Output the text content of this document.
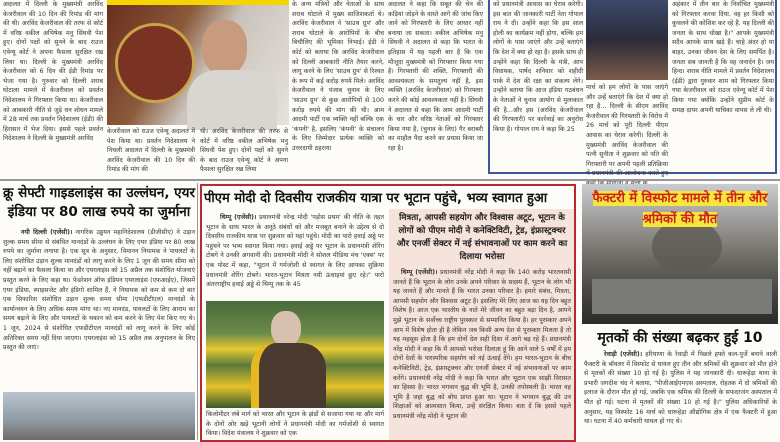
अदालत में दिल्ली के मुख्यमंत्री अरविंद केजरीवाल की 10 दिन की रिमांड की मांग की थी। अरविंद केजरीवाल की तरफ से कोर्ट में वरिष्ठ वकील अभिषेक मनु सिंघवी पेश हुए। दोनों पक्षों को सुनने के बाद राउज एवेन्यू कोर्ट ने अपना फैसला सुरक्षित रख लिया था। दिल्ली के मुख्यमंत्री अरविंद केजरीवाल को 6 दिन की ईडी रिमांड पर भेजा गया है। गुरुवार को दिल्ली शराब घोटाला मामले में केजरीवाल को प्रवर्तन निदेशालय ने गिरफ्तार किया था। केजरीवाल को आबकारी नीति से जुड़े धन शोधन मामले में 28 मार्च तक प्रवर्तन निदेशालय (ईडी) की हिरासत में भेज दिया। इससे पहले प्रवर्तन निदेशालय ने दिल्ली के मुख्यमंत्री अरविंद
केजरीवाल को राउज एवेन्यू अदालत में पेश किया था। प्रवर्तन निदेशालय ने निचली अदालत में दिल्ली के मुख्यमंत्री अरविंद केजरीवाल की 10 दिन की रिमांड की मांग की
थी। अरविंद केजरीवाल की तरफ से कोर्ट में वरिष्ठ वकील अभिषेक मनु सिंघवी पेश हुए। दोनों पक्षों को सुनने के बाद राउज एवेन्यू कोर्ट ने अपना फैसला सुरक्षित रख लिया
के अन्य मंत्रियों और नेताओं के साथ शराब घोटाले में मुख्य साजिशकर्ता थे। अरविंद केजरीवाल ने 'साउथ ग्रुप' और शराब घोटाले के आरोपियों के बीच बिचौलिए की भूमिका निभाई। ईडी ने कोर्ट को बताया कि अरविंद केजरीवाल को दिल्ली आबकारी नीति तैयार करने, लागू करने के लिए 'साउथ ग्रुप' से रिश्वत के रूप में कई करोड़ रुपये मिले। अरविंद केजरीवाल ने पंजाब चुनाव के लिए 'साउथ ग्रुप' से कुछ आरोपियों से 100 करोड़ रुपये की मांग की थी। आम आदमी पार्टी एक व्यक्ति नहीं बल्कि एक 'कंपनी' है, इसलिए 'कंपनी' के संचालन के लिए जिम्मेदार प्रत्येक व्यक्ति को उत्तरदायी ठहराया
अदालत ने कहा कि सबूत की चेन की कड़ियां जोड़ने के वास्ते आगे की जांच किए जाने को गिरफ्तारी के लिए आधार नहीं बनाया जा सकता। वकील अभिषेक मनु सिंघवी ने अदालत से कहा कि भारत के इतिहास में यह पहली बार है कि एक मौजूदा मुख्यमंत्री को गिरफ्तार किया गया है। गिरफ्तारी की शक्ति, गिरफ्तारी की आवश्यकता के समतुल्य नहीं है, इस व्यक्ति (अरविंद केजरीवाल) को गिरफ्तार करने की कोई आवश्यकता नहीं है। सिंघवी ने अदालत से कहा कि आम आदमी पार्टी के चार और वरिष्ठ नेताओं को गिरफ्तार किया गया है, (चुनाव के लिए) गैर बराबरी का माहौल पैदा करने का प्रयास किया जा रहा है।
को प्रधानमंत्री आवास का घेराव करेगी। इस बात की जानकारी पार्टी नेता गोपाल राय ने दी। उन्होंने कहा कि इस साल होली का कार्यक्रम नहीं होगा, बल्कि हम लोगों के पास जाएंगे और उन्हें बताएंगे कि देश में क्या हो रहा है। इसके साथ ही उन्होंने कहा कि दिल्ली के मंत्री, आप विधायक, पार्षद शनिवार को शहीदी पार्क में देश की रक्षा का संकल्प लेंगे। उन्होंने बताया कि आज इंडिया गठबंधन के नेताओं ने चुनाव आयोग से मुलाकात की है...और इस (अरविंद केजरीवाल की गिरफ्तारी) पर कार्रवाई का अनुरोध किया है। गोपाल राय ने कहा कि 25
मार्च को हम लोगों के पास जाएंगे और उन्हें बताएंगे कि देश में क्या हो रहा है... दिल्ली के सीएम अरविंद केजरीवाल की गिरफ्तारी के विरोध में 26 मार्च को पूरी दिल्ली पीएम आवास का घेराव करेगी। दिल्ली के मुख्यमंत्री अरविंद केजरीवाल की पत्नी सुनीता ने शुक्रवार को पति की गिरफ्तारी पर अपनी पहली प्रतिक्रिया में प्रधानमंत्री की आलोचना करते हुए
अहंकार में तीन बार के निर्वाचित मुख्यमंत्री को गिरफ्तार करवा दिया. वह हर किसी को कुचलने की कोशिश कर रहे हैं. यह दिल्ली की जनता के साथ धोखा है।" आपके मुख्यमंत्री सदैव आपके साथ खड़े हैं। चाहे अंदर हो या बाहर, उनका जीवन देश के लिए समर्पित है। जनता सब जानती है कि वह जनार्दन है। जय हिन्द। शराब नीति मामले में प्रवर्तन निदेशालय (ईडी) द्वारा गुरुवार शाम को गिरफ्तार किया गया केजरीवाल को राउज एवेन्यू कोर्ट में पेश किया गया क्योंकि उन्होंने सुप्रीम कोर्ट के समक्ष दायर अपनी याचिका वापस ले ली थी।
क्रू सेफ्टी गाइडलाइंस का उल्लंघन, एयर इंडिया पर 80 लाख रुपये का जुर्माना
नयी दिल्ली (एजेंसी)। नागरिक उड्डयन महानिदेशालय (डीजीसीए) ने उड़ान शुल्क समय सीमा से संबंधित मानदंडों के उल्लंघन के लिए एयर इंडिया पर 80 लाख रुपये का जुर्माना लगाया है। एक सूत्र के अनुसार, विमानन नियामक ने पायलटों के लिए संशोधित उड़ान शुल्क मानदंडों को लागू करने के लिए 1 जून की समय सीमा को नहीं बढ़ाने का फैसला किया था और एयरलाइंस को 15 अप्रैल तक संशोधित योजनाएं प्रस्तुत करने के लिए कहा था। फेडरेशन ऑफ इंडियन एयरलाइंस (एफआईए), जिसमें एयर इंडिया, स्पाइसजेट और इंडिगो शामिल हैं, ने नियामक को कम से कम दो बार एक सिफारिश संशोधित उड़ान शुल्क समय सीमा (एफडीटीएल) मानदंडों के कार्यान्वयन के लिए अधिक समय मांगा था। नए मानदंड, पायलटों के लिए आराम का समय बढ़ाने के लिए और पायलटों के थकान को कम करने के लिए पेश किए गए थे। 1 जून, 2024 से संशोधित एफडीटीएल मानदंडों को लागू करने के लिए कोई अतिरिक्त समय नहीं दिया जाएगा। एयरलाइंस को 15 अप्रैल तक अनुपालन के लिए प्रस्तुत की जाएं।
पीएम मोदी दो दिवसीय राजकीय यात्रा पर भूटान पहुंचे, भव्य स्वागत हुआ
थिम्पू (एजेंसी)। प्रधानमंत्री नरेन्द्र मोदी 'पड़ोस प्रथम' की नीति के तहत भूटान के साथ भारत के अनूठे संबंधों को और मजबूत बनाने के उद्देश्य से दो दिवसीय राजकीय यात्रा पर शुक्रवार को यहां पहुंचे। मोदी का पारो हवाई अड्डे पर पहुंचने पर भव्य स्वागत किया गया। हवाई अड्डे पर भूटान के प्रधानमंत्री शेरिंग टोबगे ने उनकी अगवानी की। प्रधानमंत्री मोदी ने सोशल मीडिया मंच 'एक्स' पर एक पोस्ट में कहा, "भूटान में गर्मजोशी से स्वागत के लिए आपका शुक्रिया प्रधानमंत्री शेरिंग टोबगे। भारत-भूटान मित्रता नयी ऊंचाइयां छुए रहे।" पारो अंतरराष्ट्रीय हवाई अड्डे से थिम्पू तक के 45
किलोमीटर लंबे मार्ग को भारत और भूटान के झंडों से सजाया गया था और मार्ग के दोनों ओर खड़े भूटानी लोगों ने प्रधानमंत्री मोदी का गर्मजोशी से स्वागत किया। विदेश मंत्रालय ने शुक्रवार को एक
मित्रता, आपसी सहयोग और विश्वास अटूट, भूटान के लोगों को पीएम मोदी ने कनेक्टिविटी, ट्रेड, इंफ्रास्ट्रक्चर और एनर्जी सेक्टर में नई संभावनाओं पर काम करने का दिलाया भरोसा
थिम्पू (एजेंसी)। प्रधानमंत्री नरेंद्र मोदी ने कहा कि 140 करोड़ भारतवासी जानते हैं कि भूटान के लोग उनके अपने परिवार के सदस्य हैं, भूटान के लोग भी यह जानते हैं और मानते हैं कि भारत उनका परिवार है। हमारे संबंध, मित्रता, आपसी सहयोग और विश्वास अटूट है। इसलिए मेरे लिए आज का यह दिन बहुत विशेष है। आज एक भारतीय के नाते मेरे जीवन का बहुत बड़ा दिन है, आपने मुझे भूटान के सर्वोच्च राष्ट्रीय पुरस्कार से सम्मानित किया है। हर पुरस्कार अपने आप में विशेष होता ही है लेकिन जब किसी अन्य देश से पुरस्कार मिलता है तो यह महसूस होता है कि हम दोनों देश सही दिशा में आगे बढ़ रहे हैं। प्रधानमंत्री नरेंद्र मोदी ने कहा कि मैं आपको भरोसा दिलाता हूं कि आने वाले 5 वर्षों में हम दोनों देशों के पारस्परिक सहयोग को नई ऊंचाई देंगे। हम भारत-भूटान के बीच कनेक्टिविटी, ट्रेड, इंफ्रास्ट्रक्चर और एनर्जी सेक्टर में नई संभावनाओं पर काम करेंगे। प्रधानमंत्री नरेंद्र मोदी ने कहा कि भारत और भूटान एक साझी विरासत का हिस्सा है। भारत भगवान बुद्ध की भूमि है, उनकी तपोस्थली है। भारत वह भूमि है जहां बुद्ध को बोध प्राप्त हुआ था। भूटान ने भगवान बुद्ध की उन शिक्षाओं को आत्मसात किया, उन्हें संरक्षित किया। बता दें कि इससे पहले प्रधानमंत्री नरेंद्र मोदी ने भूटान की
फैक्टरी में विस्फोट मामले में तीन और श्रमिकों की मौत
मृतकों की संख्या बढ़कर हुई 10
रेवाड़ी (एजेंसी)। हरियाणा के रेवाड़ी में पिछले हफ्ते कल-पुर्जे बनाने वाली फैक्टरी के बॉयलर में विस्फोट से घायल हुए तीन और श्रमिकों की शुक्रवार को मौत होने से मृतकों की संख्या 10 हो गई है। पुलिस ने यह जानकारी दी। धारूहेड़ा थाना के प्रभारी जगदीश चंद ने बताया, "पीजीआईएमएस अस्पताल, रोहतक में दो श्रमिकों की इलाज के दौरान मौत हो गई, जबकि एक श्रमिक की दिल्ली के सफदरजंग अस्पताल में मौत हो गई। घटना में मृतकों की संख्या 10 हो गई है।" पुलिस अधिकारियों के अनुसार, यह विस्फोट 16 मार्च को धारूहेड़ा औद्योगिक क्षेत्र में एक फैक्टरी में हुआ था। घटना में 40 कर्मचारी घायल हो गए थे।
